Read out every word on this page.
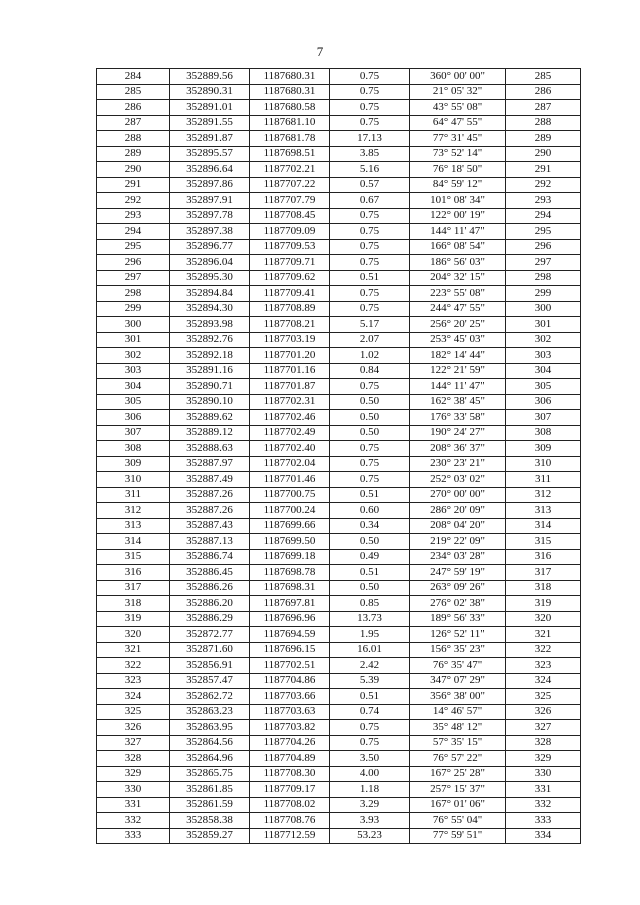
7
284	352889.56	1187680.31	0.75	360° 00' 00"	285
285	352890.31	1187680.31	0.75	21° 05' 32"	286
286	352891.01	1187680.58	0.75	43° 55' 08"	287
287	352891.55	1187681.10	0.75	64° 47' 55"	288
288	352891.87	1187681.78	17.13	77° 31' 45"	289
289	352895.57	1187698.51	3.85	73° 52' 14"	290
290	352896.64	1187702.21	5.16	76° 18' 50"	291
291	352897.86	1187707.22	0.57	84° 59' 12"	292
292	352897.91	1187707.79	0.67	101° 08' 34"	293
293	352897.78	1187708.45	0.75	122° 00' 19"	294
294	352897.38	1187709.09	0.75	144° 11' 47"	295
295	352896.77	1187709.53	0.75	166° 08' 54"	296
296	352896.04	1187709.71	0.75	186° 56' 03"	297
297	352895.30	1187709.62	0.51	204° 32' 15"	298
298	352894.84	1187709.41	0.75	223° 55' 08"	299
299	352894.30	1187708.89	0.75	244° 47' 55"	300
300	352893.98	1187708.21	5.17	256° 20' 25"	301
301	352892.76	1187703.19	2.07	253° 45' 03"	302
302	352892.18	1187701.20	1.02	182° 14' 44"	303
303	352891.16	1187701.16	0.84	122° 21' 59"	304
304	352890.71	1187701.87	0.75	144° 11' 47"	305
305	352890.10	1187702.31	0.50	162° 38' 45"	306
306	352889.62	1187702.46	0.50	176° 33' 58"	307
307	352889.12	1187702.49	0.50	190° 24' 27"	308
308	352888.63	1187702.40	0.75	208° 36' 37"	309
309	352887.97	1187702.04	0.75	230° 23' 21"	310
310	352887.49	1187701.46	0.75	252° 03' 02"	311
311	352887.26	1187700.75	0.51	270° 00' 00"	312
312	352887.26	1187700.24	0.60	286° 20' 09"	313
313	352887.43	1187699.66	0.34	208° 04' 20"	314
314	352887.13	1187699.50	0.50	219° 22' 09"	315
315	352886.74	1187699.18	0.49	234° 03' 28"	316
316	352886.45	1187698.78	0.51	247° 59' 19"	317
317	352886.26	1187698.31	0.50	263° 09' 26"	318
318	352886.20	1187697.81	0.85	276° 02' 38"	319
319	352886.29	1187696.96	13.73	189° 56' 33"	320
320	352872.77	1187694.59	1.95	126° 52' 11"	321
321	352871.60	1187696.15	16.01	156° 35' 23"	322
322	352856.91	1187702.51	2.42	76° 35' 47"	323
323	352857.47	1187704.86	5.39	347° 07' 29"	324
324	352862.72	1187703.66	0.51	356° 38' 00"	325
325	352863.23	1187703.63	0.74	14° 46' 57"	326
326	352863.95	1187703.82	0.75	35° 48' 12"	327
327	352864.56	1187704.26	0.75	57° 35' 15"	328
328	352864.96	1187704.89	3.50	76° 57' 22"	329
329	352865.75	1187708.30	4.00	167° 25' 28"	330
330	352861.85	1187709.17	1.18	257° 15' 37"	331
331	352861.59	1187708.02	3.29	167° 01' 06"	332
332	352858.38	1187708.76	3.93	76° 55' 04"	333
333	352859.27	1187712.59	53.23	77° 59' 51"	334
